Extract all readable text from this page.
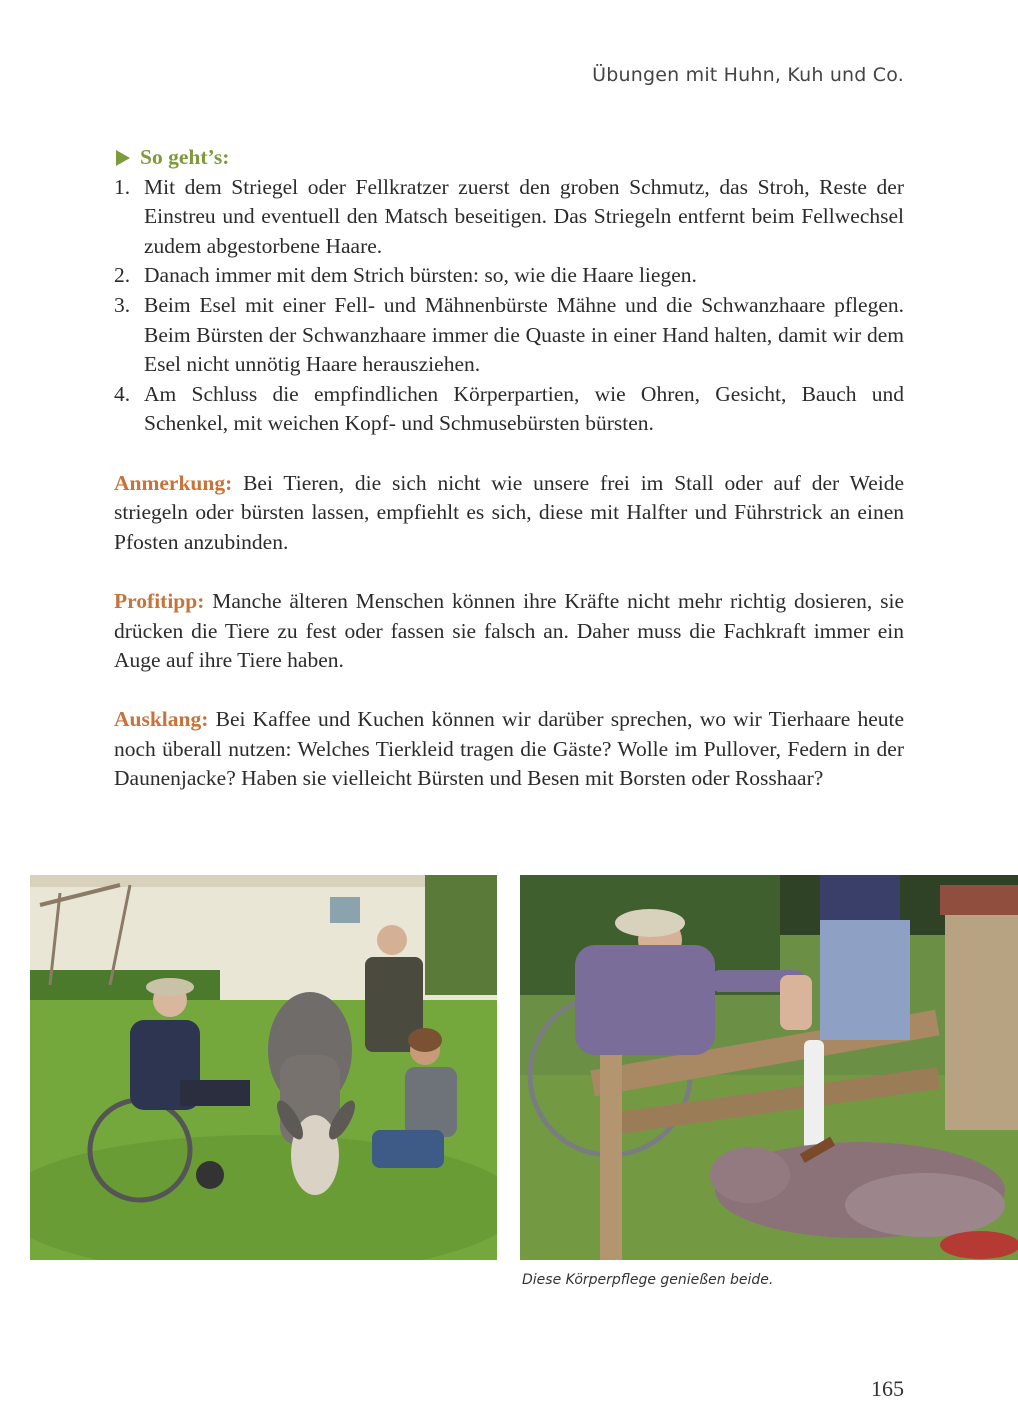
Übungen mit Huhn, Kuh und Co.
So geht’s:
1. Mit dem Striegel oder Fellkratzer zuerst den groben Schmutz, das Stroh, Reste der Einstreu und eventuell den Matsch beseitigen. Das Striegeln entfernt beim Fellwechsel zudem abgestorbene Haare.
2. Danach immer mit dem Strich bürsten: so, wie die Haare liegen.
3. Beim Esel mit einer Fell- und Mähnenbürste Mähne und die Schwanzhaare pflegen. Beim Bürsten der Schwanzhaare immer die Quaste in einer Hand halten, damit wir dem Esel nicht unnötig Haare herausziehen.
4. Am Schluss die empfindlichen Körperpartien, wie Ohren, Gesicht, Bauch und Schenkel, mit weichen Kopf- und Schmusebürsten bürsten.

Anmerkung: Bei Tieren, die sich nicht wie unsere frei im Stall oder auf der Weide striegeln oder bürsten lassen, empfiehlt es sich, diese mit Halfter und Führstrick an einen Pfosten anzubinden.

Profitipp: Manche älteren Menschen können ihre Kräfte nicht mehr richtig dosieren, sie drücken die Tiere zu fest oder fassen sie falsch an. Daher muss die Fachkraft immer ein Auge auf ihre Tiere haben.

Ausklang: Bei Kaffee und Kuchen können wir darüber sprechen, wo wir Tierhaare heute noch überall nutzen: Welches Tierkleid tragen die Gäste? Wolle im Pullover, Federn in der Daunenjacke? Haben sie vielleicht Bürsten und Besen mit Borsten oder Rosshaar?

Diese Körperpflege genießen beide.
165
